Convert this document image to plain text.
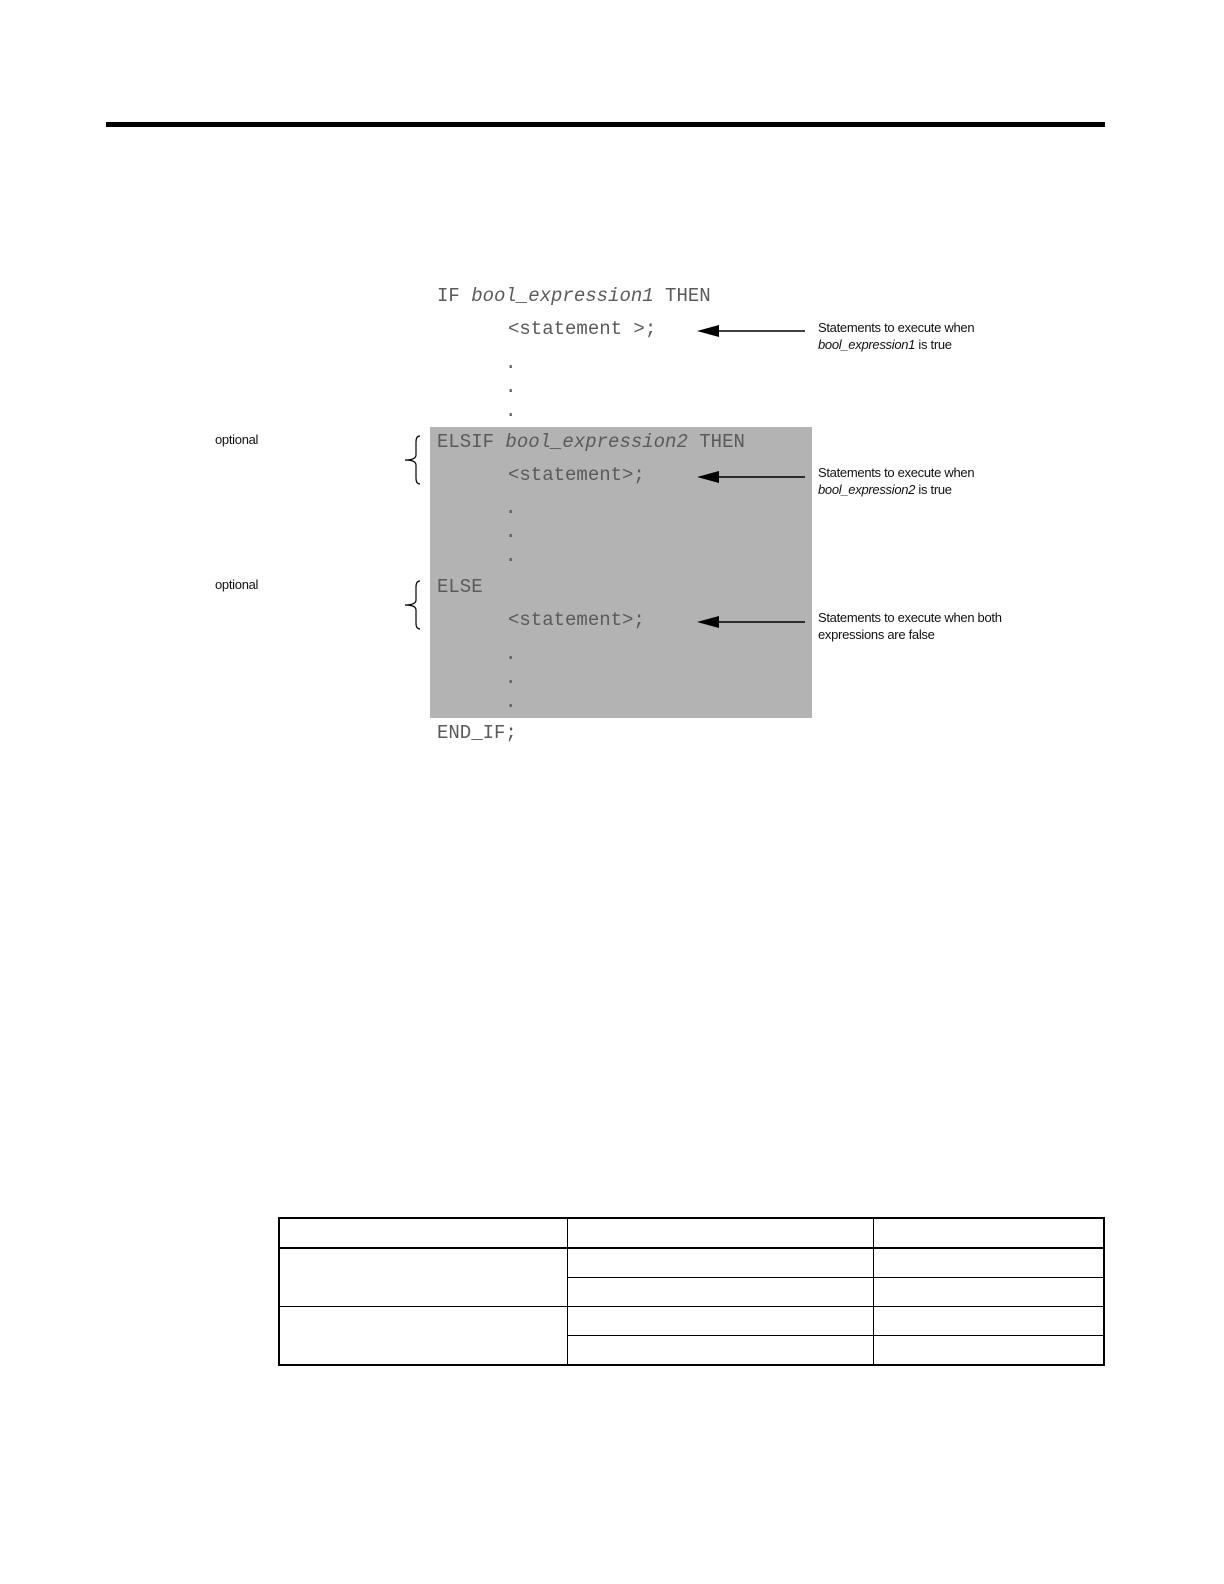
IF bool_expression1 THEN
<statement >;
.
.
.
ELSIF bool_expression2 THEN
<statement>;
.
.
.
ELSE
<statement>;
.
.
.
END_IF;
Statements to execute when
bool_expression1 is true
Statements to execute when
bool_expression2 is true
Statements to execute when both
expressions are false
optional
optional
